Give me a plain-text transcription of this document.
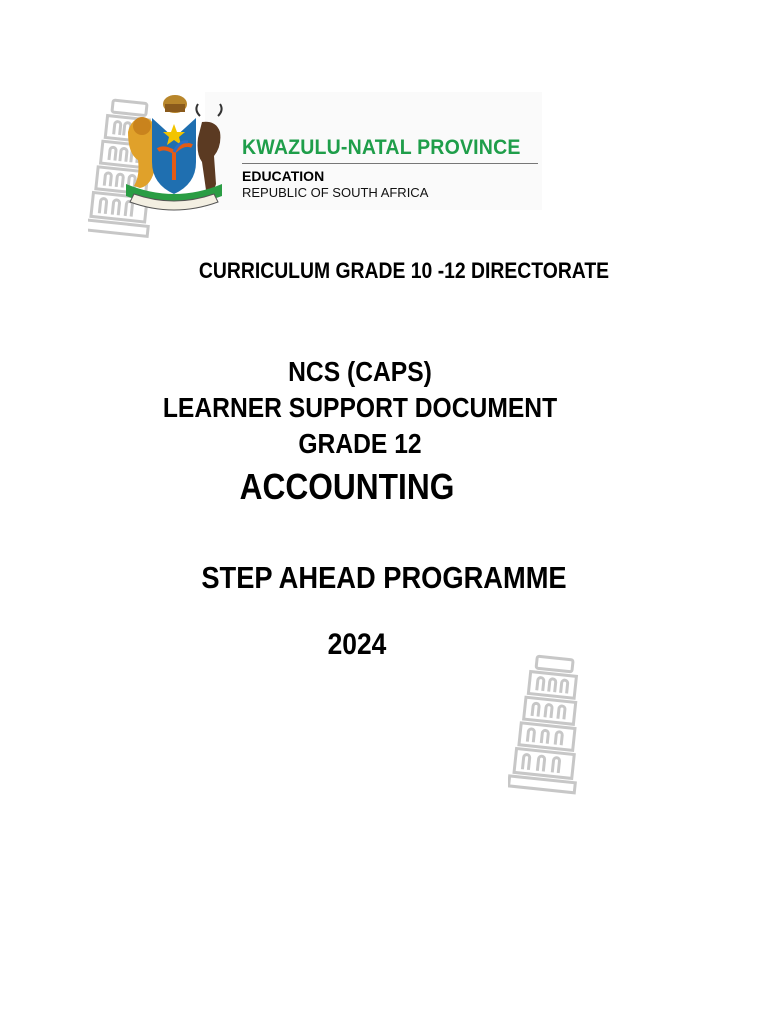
KWAZULU-NATAL PROVINCE
EDUCATION
REPUBLIC OF SOUTH AFRICA
CURRICULUM GRADE 10 -12 DIRECTORATE
NCS (CAPS)
LEARNER SUPPORT DOCUMENT
GRADE 12
ACCOUNTING
STEP AHEAD PROGRAMME
2024
